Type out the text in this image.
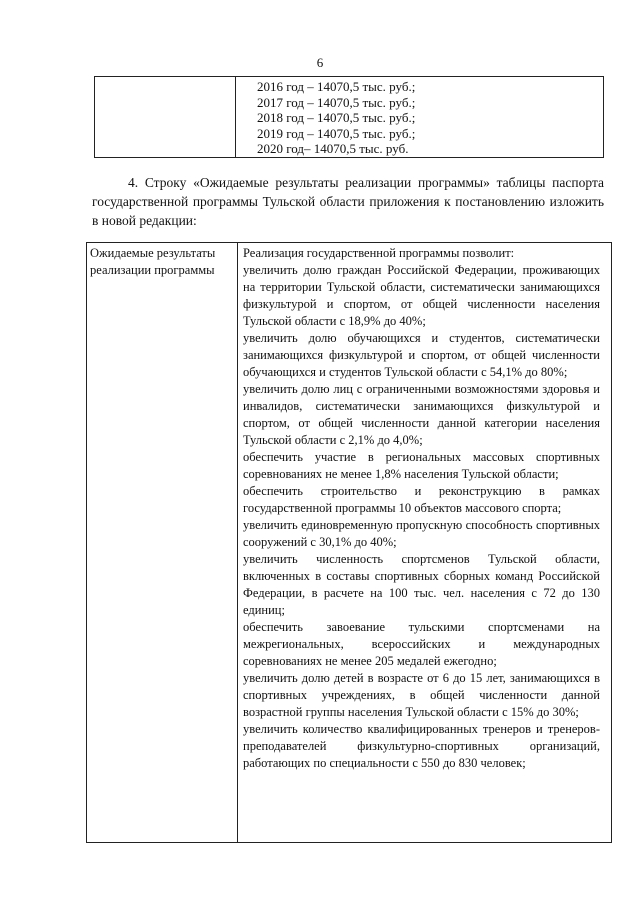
6
2016 год – 14070,5 тыс. руб.;
2017 год – 14070,5 тыс. руб.;
2018 год – 14070,5 тыс. руб.;
2019 год – 14070,5 тыс. руб.;
2020 год– 14070,5 тыс. руб.

4. Строку «Ожидаемые результаты реализации программы» таблицы паспорта государственной программы Тульской области приложения к постановлению изложить в новой редакции:

Ожидаемые результаты реализации программы

Реализация государственной программы позволит:

увеличить долю граждан Российской Федерации, проживающих на территории Тульской области, систематически занимающихся физкультурой и спортом, от общей численности населения Тульской области с 18,9% до 40%;

увеличить долю обучающихся и студентов, систематически занимающихся физкультурой и спортом, от общей численности обучающихся и студентов Тульской области с 54,1% до 80%;

увеличить долю лиц с ограниченными возможностями здоровья и инвалидов, систематически занимающихся физкультурой и спортом, от общей численности данной категории населения Тульской области с 2,1% до 4,0%;

обеспечить участие в региональных массовых спортивных соревнованиях не менее 1,8% населения Тульской области;

обеспечить строительство и реконструкцию в рамках государственной программы 10 объектов массового спорта;

увеличить единовременную пропускную способность спортивных сооружений с 30,1% до 40%;

увеличить численность спортсменов Тульской области, включенных в составы спортивных сборных команд Российской Федерации, в расчете на 100 тыс. чел. населения с 72 до 130 единиц;

обеспечить завоевание тульскими спортсменами на межрегиональных, всероссийских и международных соревнованиях не менее 205 медалей ежегодно;

увеличить долю детей в возрасте от 6 до 15 лет, занимающихся в спортивных учреждениях, в общей численности данной возрастной группы населения Тульской области с 15% до 30%;

увеличить количество квалифицированных тренеров и тренеров-преподавателей физкультурно-спортивных организаций, работающих по специальности с 550 до 830 человек;
